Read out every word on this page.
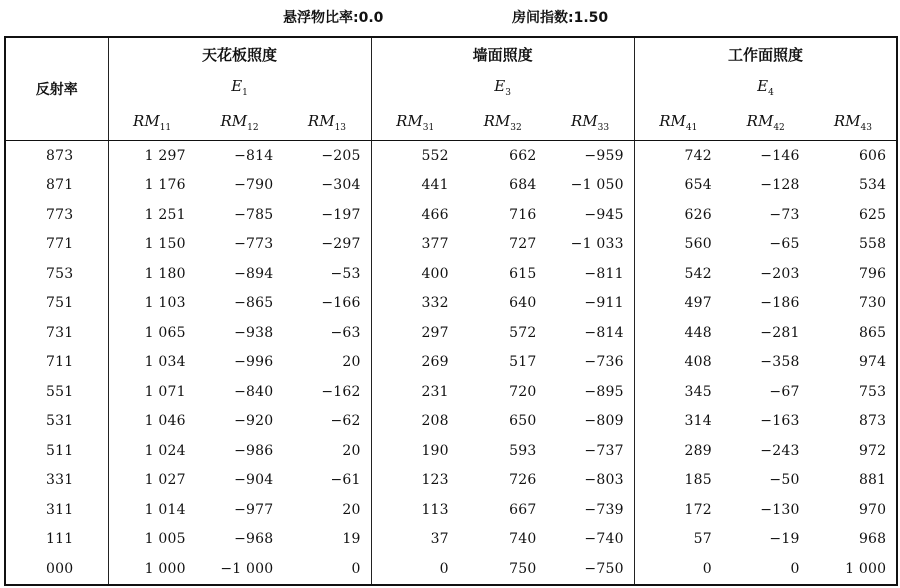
悬浮物比率:0.0	房间指数:1.50
反射率	天花板照度			墙面照度			工作面照度		
	$E_1$			$E_3$			$E_4$
	$RM_{11}$	$RM_{12}$	$RM_{13}$	$RM_{31}$	$RM_{32}$	$RM_{33}$	$RM_{41}$	$RM_{42}$	$RM_{43}$
873	1 297	−814	−205	552	662	−959	742	−146	606
871	1 176	−790	−304	441	684	−1 050	654	−128	534
773	1 251	−785	−197	466	716	−945	626	−73	625
771	1 150	−773	−297	377	727	−1 033	560	−65	558
753	1 180	−894	−53	400	615	−811	542	−203	796
751	1 103	−865	−166	332	640	−911	497	−186	730
731	1 065	−938	−63	297	572	−814	448	−281	865
711	1 034	−996	20	269	517	−736	408	−358	974
551	1 071	−840	−162	231	720	−895	345	−67	753
531	1 046	−920	−62	208	650	−809	314	−163	873
511	1 024	−986	20	190	593	−737	289	−243	972
331	1 027	−904	−61	123	726	−803	185	−50	881
311	1 014	−977	20	113	667	−739	172	−130	970
111	1 005	−968	19	37	740	−740	57	−19	968
000	1 000	−1 000	0	0	750	−750	0	0	1 000
